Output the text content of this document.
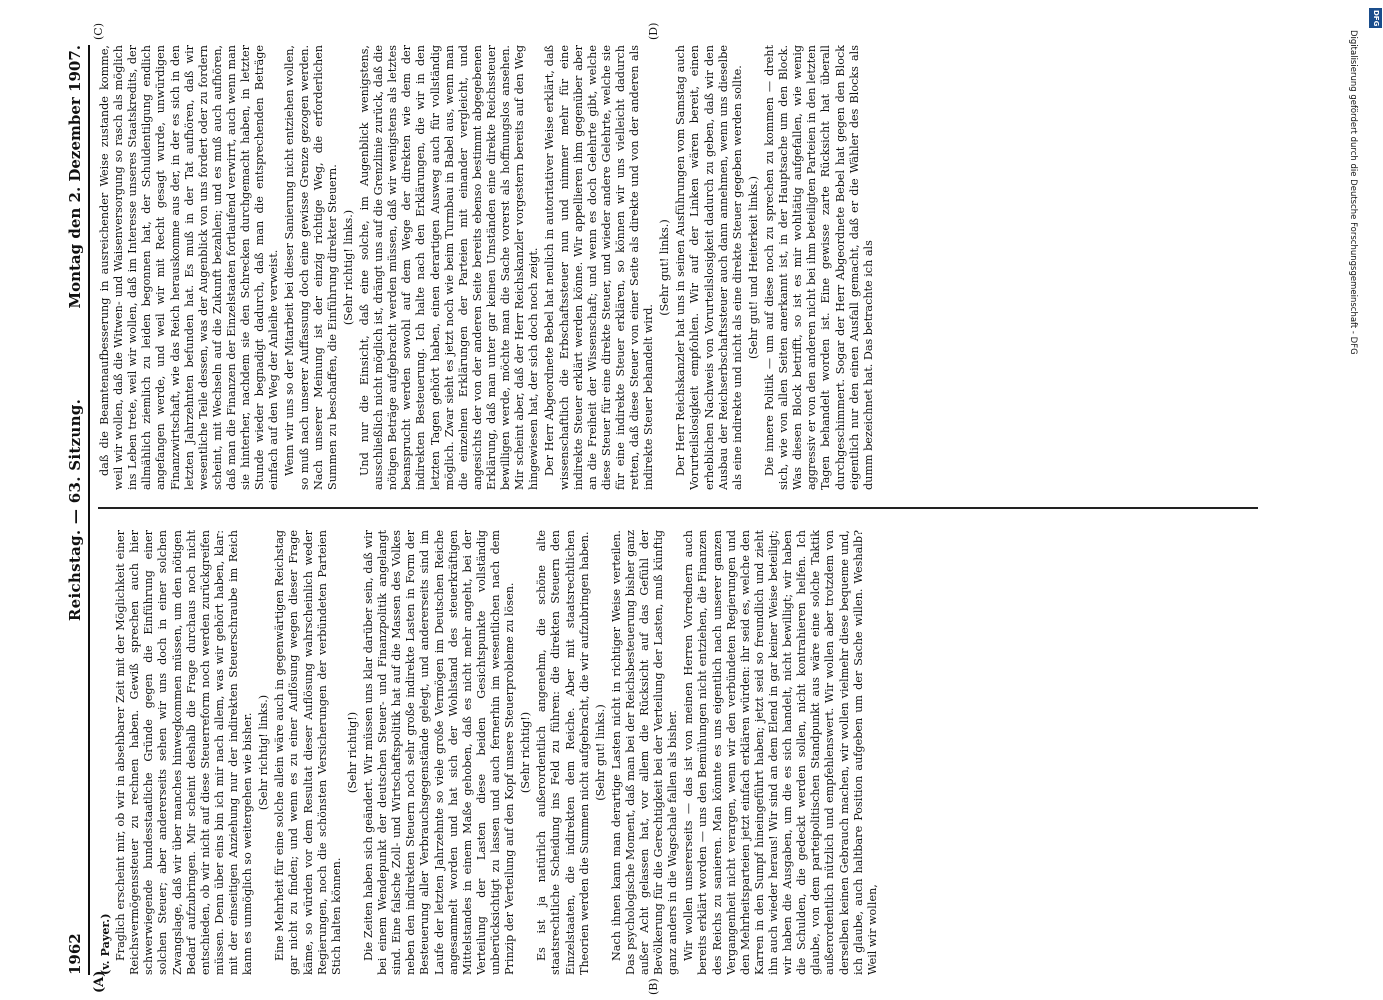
1962
Reichstag. — 63. Sitzung.
Montag den 2. Dezember 1907.
(A)	(B)
(C)	(D)
(v. Payer.) Fraglich erscheint mir, ob wir in absehbarer Zeit mit der Möglichkeit einer Reichsvermögenssteuer zu rechnen haben. Gewiß sprechen auch hier schwerwiegende bundesstaatliche Gründe gegen die Einführung einer solchen Steuer; aber andererseits sehen wir uns doch in einer solchen Zwangslage, daß wir über manches hinwegkommen müssen, um den nötigen Bedarf aufzubringen. Mir scheint deshalb die Frage durchaus noch nicht entschieden, ob wir nicht auf diese Steuerreform noch werden zurückgreifen müssen. Denn über eins bin ich mir nach allem, was wir gehört haben, klar: mit der einseitigen Anziehung nur der indirekten Steuerschraube im Reich kann es unmöglich so weitergehen wie bisher. (Sehr richtig! links.) Eine Mehrheit für eine solche allein wäre auch in gegenwärtigen Reichstag gar nicht zu finden; und wenn es zu einer Auflösung wegen dieser Frage käme, so würden vor dem Resultat dieser Auflösung wahrscheinlich weder Regierungen, noch die schönsten Versicherungen der verbündeten Parteien Stich halten können.

(Sehr richtig!) Die Zeiten haben sich geändert. Wir müssen uns klar darüber sein, daß wir bei einem Wendepunkt der deutschen Steuer- und Finanzpolitik angelangt sind. Eine falsche Zoll- und Wirtschaftspolitik hat auf die Massen des Volkes neben den indirekten Steuern noch sehr große indirekte Lasten in Form der Besteuerung aller Verbrauchsgegenstände gelegt, und andererseits sind im Laufe der letzten Jahrzehnte so viele große Vermögen im Deutschen Reiche angesammelt worden und hat sich der Wohlstand des steuerkräftigen Mittelstandes in einem Maße gehoben, daß es nicht mehr angeht, bei der Verteilung der Lasten diese beiden Gesichtspunkte vollständig unberücksichtigt zu lassen und auch fernerhin im wesentlichen nach dem Prinzip der Verteilung auf den Kopf unsere Steuerprobleme zu lösen. (Sehr richtig!) Es ist ja natürlich außerordentlich angenehm, die schöne alte staatsrechtliche Scheidung ins Feld zu führen: die direkten Steuern den Einzelstaaten, die indirekten dem Reiche. Aber mit staatsrechtlichen Theorien werden die Summen nicht aufgebracht, die wir aufzubringen haben. (Sehr gut! links.) Nach ihnen kann man derartige Lasten nicht in richtiger Weise verteilen. Das psychologische Moment, daß man bei der Reichsbesteuerung bisher ganz außer Acht gelassen hat, vor allem die Rücksicht auf das Gefühl der Bevölkerung für die Gerechtigkeit bei der Verteilung der Lasten, muß künftig ganz anders in die Wagschale fallen als bisher. Wir wollen unsererseits — das ist von meinen Herren Vorrednern auch bereits erklärt worden — uns den Bemühungen nicht entziehen, die Finanzen des Reichs zu sanieren. Man könnte es uns eigentlich nach unserer ganzen Vergangenheit nicht verargen, wenn wir den verbündeten Regierungen und den Mehrheitsparteien jetzt einfach erklären würden: ihr seid es, welche den Karren in den Sumpf hineingeführt haben; jetzt seid so freundlich und zieht ihn auch wieder heraus! Wir sind an dem Elend in gar keiner Weise beteiligt; wir haben die Ausgaben, um die es sich handelt, nicht bewilligt; wir haben die Schulden, die gedeckt werden sollen, nicht kontrahieren helfen. Ich glaube, von dem parteipolitischen Standpunkt aus wäre eine solche Taktik außerordentlich nützlich und empfehlenswert. Wir wollen aber trotzdem von derselben keinen Gebrauch machen, wir wollen vielmehr diese bequeme und, ich glaube, auch haltbare Position aufgeben um der Sache willen. Weshalb? Weil wir wollen,

daß die Beamtenaufbesserung in ausreichender Weise zustande komme, weil wir wollen, daß die Witwen- und Waisenversorgung so rasch als möglich ins Leben trete, weil wir wollen, daß im Interesse unseres Staatskredits, der allmählich ziemlich zu leiden begonnen hat, der Schuldentilgung endlich angefangen werde, und weil wir mit Recht gesagt wurde, unwürdigen Finanzwirtschaft, wie das Reich herauskomme aus der, in der es sich in den letzten Jahrzehnten befunden hat. Es muß in der Tat aufhören, daß wir wesentliche Teile dessen, was der Augenblick von uns fordert oder zu fordern scheint, mit Wechseln auf die Zukunft bezahlen; und es muß auch aufhören, daß man die Finanzen der Einzelstaaten fortlaufend verwirrt, auch wenn man sie hinterher, nachdem sie den Schrecken durchgemacht haben, in letzter Stunde wieder begnadigt dadurch, daß man die entsprechenden Beträge einfach auf den Weg der Anleihe verweist. Wenn wir uns so der Mitarbeit bei dieser Sanierung nicht entziehen wollen, so muß nach unserer Auffassung doch eine gewisse Grenze gezogen werden. Nach unserer Meinung ist der einzig richtige Weg, die erforderlichen Summen zu beschaffen, die Einführung direkter Steuern. (Sehr richtig! links.) Und nur die Einsicht, daß eine solche, im Augenblick wenigstens, ausschließlich nicht möglich ist, drängt uns auf die Grenzlinie zurück, daß die nötigen Beträge aufgebracht werden müssen, daß wir wenigstens als letztes beansprucht werden sowohl auf dem Wege der direkten wie dem der indirekten Besteuerung. Ich halte nach den Erklärungen, die wir in den letzten Tagen gehört haben, einen derartigen Ausweg auch für vollständig möglich. Zwar sieht es jetzt noch wie beim Turmbau in Babel aus, wenn man die einzelnen Erklärungen der Parteien mit einander vergleicht, und angesichts der von der anderen Seite bereits ebenso bestimmt abgegebenen Erklärung, daß man unter gar keinen Umständen eine direkte Reichssteuer bewilligen werde, möchte man die Sache vorerst als hoffnungslos ansehen. Mir scheint aber, daß der Herr Reichskanzler vorgestern bereits auf den Weg hingewiesen hat, der sich doch noch zeigt. Der Herr Abgeordnete Bebel hat neulich in autoritativer Weise erklärt, daß wissenschaftlich die Erbschaftssteuer nun und nimmer mehr für eine indirekte Steuer erklärt werden könne. Wir appellieren ihm gegenüber aber an die Freiheit der Wissenschaft; und wenn es doch Gelehrte gibt, welche diese Steuer für eine direkte Steuer, und wieder andere Gelehrte, welche sie für eine indirekte Steuer erklären, so können wir uns vielleicht dadurch retten, daß diese Steuer von einer Seite als direkte und von der anderen als indirekte Steuer behandelt wird.

(Sehr gut! links.) Der Herr Reichskanzler hat uns in seinen Ausführungen vom Samstag auch Vorurteilslosigkeit empfohlen. Wir auf der Linken wären bereit, einen erheblichen Nachweis von Vorurteilslosigkeit dadurch zu geben, daß wir den Ausbau der Reichserbschaftssteuer auch dann annehmen, wenn uns dieselbe als eine indirekte und nicht als eine direkte Steuer gegeben werden sollte. (Sehr gut! und Heiterkeit links.) Die innere Politik — um auf diese noch zu sprechen zu kommen — dreht sich, wie von allen Seiten anerkannt ist, in der Hauptsache um den Block. Was diesen Block betrifft, so ist es mir wohltätig aufgefallen, wie wenig aggressiv er von den anderen nicht bei ihm beteiligten Parteien in den letzten Tagen behandelt worden ist. Eine gewisse zarte Rücksicht hat überall durchgeschimmert. Sogar der Herr Abgeordnete Bebel hat gegen den Block eigentlich nur den einen Ausfall gemacht, daß er die Wähler des Blocks als dumm bezeichnet hat. Das betrachte ich als

Digitalisierung gefördert durch die Deutsche Forschungsgemeinschaft - DFG
DFG
